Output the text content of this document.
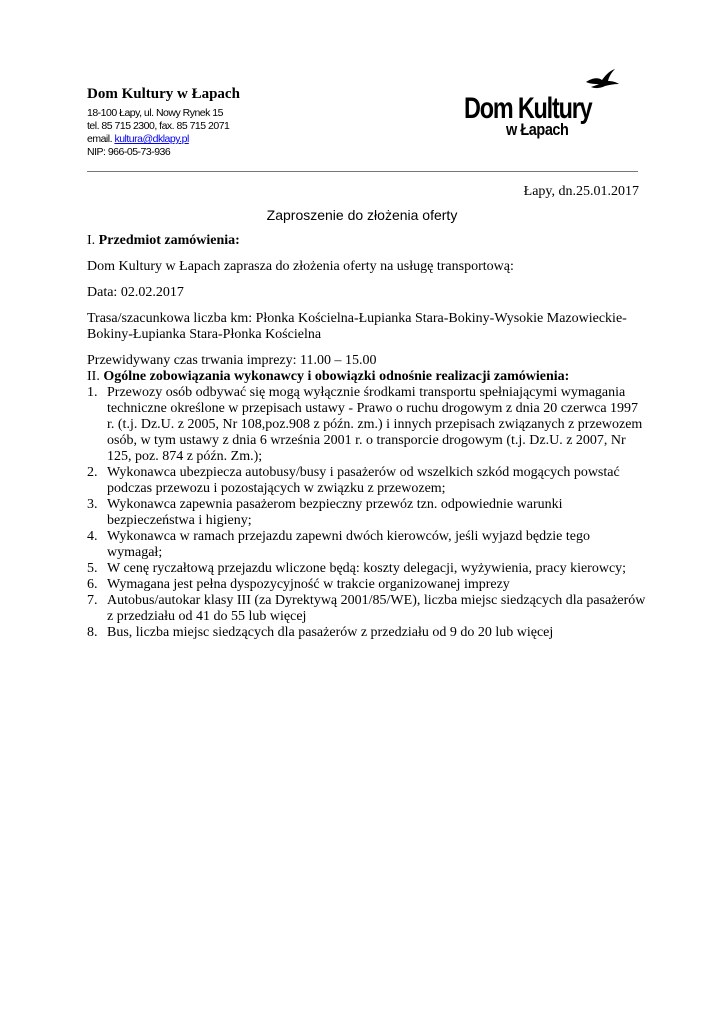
Dom Kultury w Łapach
18-100 Łapy, ul. Nowy Rynek 15
tel. 85 715 2300, fax. 85 715 2071
email. kultura@dklapy.pl
NIP: 966-05-73-936
Dom Kultury
w Łapach
Łapy, dn.25.01.2017
Zaproszenie do złożenia oferty

I. Przedmiot zamówienia:

Dom Kultury w Łapach zaprasza do złożenia oferty na usługę transportową:

Data: 02.02.2017

Trasa/szacunkowa liczba km: Płonka Kościelna-Łupianka Stara-Bokiny-Wysokie Mazowieckie-Bokiny-Łupianka Stara-Płonka Kościelna

Przewidywany czas trwania imprezy: 11.00 – 15.00

II. Ogólne zobowiązania wykonawcy i obowiązki odnośnie realizacji zamówienia:

1. Przewozy osób odbywać się mogą wyłącznie środkami transportu spełniającymi wymagania techniczne określone w przepisach ustawy - Prawo o ruchu drogowym z dnia 20 czerwca 1997 r. (t.j. Dz.U. z 2005, Nr 108,poz.908 z późn. zm.) i innych przepisach związanych z przewozem osób, w tym ustawy z dnia 6 września 2001 r. o transporcie drogowym (t.j. Dz.U. z 2007, Nr 125, poz. 874 z późn. Zm.);
2. Wykonawca ubezpiecza autobusy/busy i pasażerów od wszelkich szkód mogących powstać podczas przewozu i pozostających w związku z przewozem;
3. Wykonawca zapewnia pasażerom bezpieczny przewóz tzn. odpowiednie warunki bezpieczeństwa i higieny;
4. Wykonawca w ramach przejazdu zapewni dwóch kierowców, jeśli wyjazd będzie tego wymagał;
5. W cenę ryczałtową przejazdu wliczone będą: koszty delegacji, wyżywienia, pracy kierowcy;
6. Wymagana jest pełna dyspozycyjność w trakcie organizowanej imprezy
7. Autobus/autokar klasy III (za Dyrektywą 2001/85/WE), liczba miejsc siedzących dla pasażerów z przedziału od 41 do 55 lub więcej
8. Bus, liczba miejsc siedzących dla pasażerów z przedziału od 9 do 20 lub więcej
